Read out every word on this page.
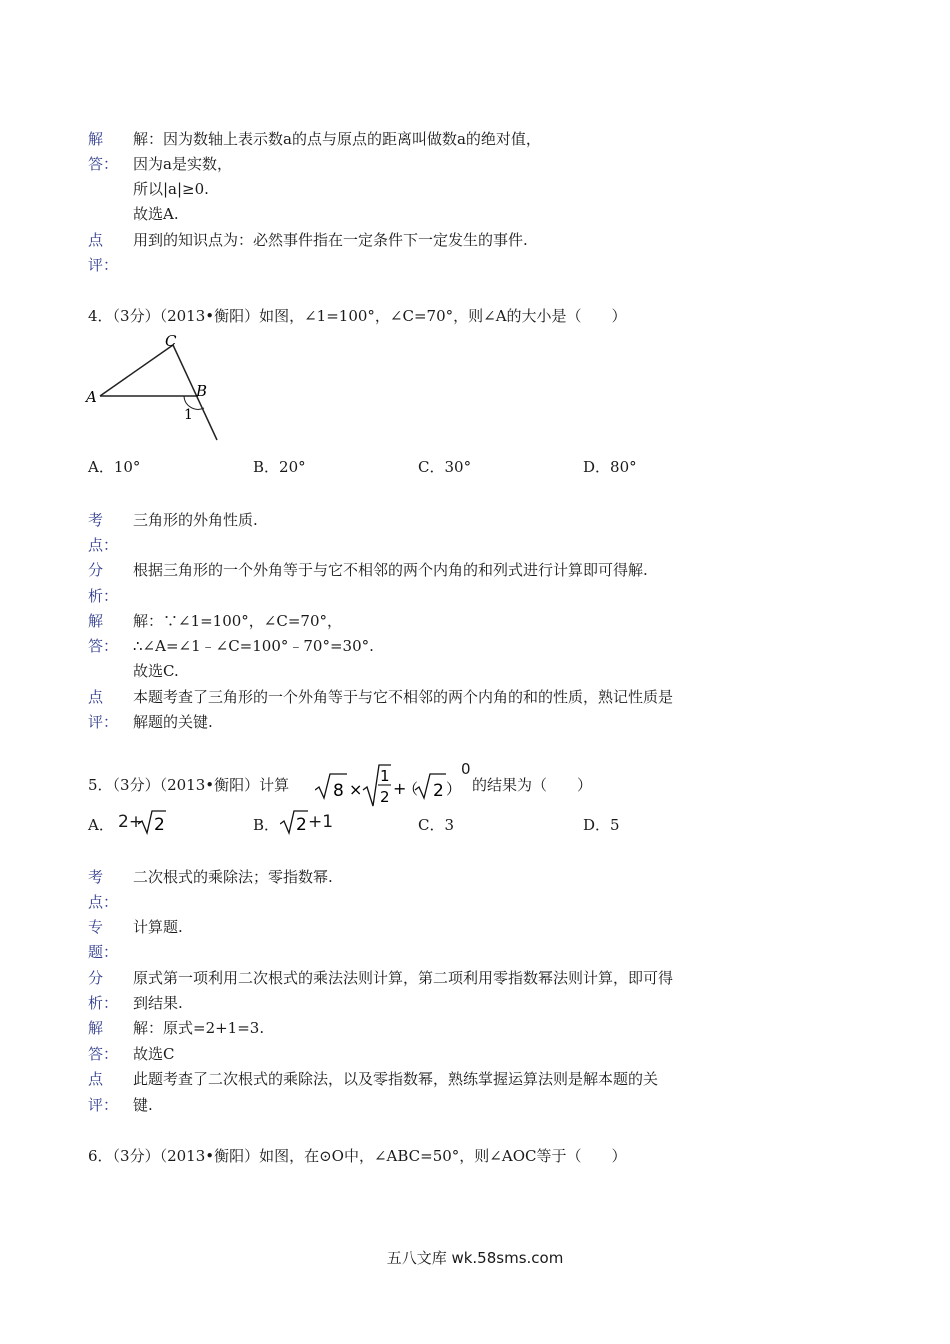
解
答：
解：因为数轴上表示数a的点与原点的距离叫做数a的绝对值，
因为a是实数，
所以|a|≥0.
故选A.
点
评：
用到的知识点为：必然事件指在一定条件下一定发生的事件.
4．（3分）（2013•衡阳）如图，∠1=100°，∠C=70°，则∠A的大小是（　　）
A	B
C
1
A．10°	B．20°	C．30°	D．80°
考
点：
三角形的外角性质.
分
析：
根据三角形的一个外角等于与它不相邻的两个内角的和列式进行计算即可得解.
解
答：
解：∵∠1=100°，∠C=70°，
∴∠A=∠1﹣∠C=100°﹣70°=30°.
故选C.
点
评：
本题考查了三角形的一个外角等于与它不相邻的两个内角的和的性质，熟记性质是
解题的关键.
5．（3分）（2013•衡阳）计算	8 ×
1
2 +
（ 2 ）
0
的结果为（　　）
A． 2+ 2	B． 2 +1	C．3	D．5
考
点：
二次根式的乘除法；零指数幂.
专
题：
计算题.
分
析：
原式第一项利用二次根式的乘法法则计算，第二项利用零指数幂法则计算，即可得
到结果.
解
答：
解：原式=2+1=3.
故选C
点
评：
此题考查了二次根式的乘除法，以及零指数幂，熟练掌握运算法则是解本题的关
键.
6．（3分）（2013•衡阳）如图，在⊙O中，∠ABC=50°，则∠AOC等于（　　）
五八文库 wk.58sms.com
